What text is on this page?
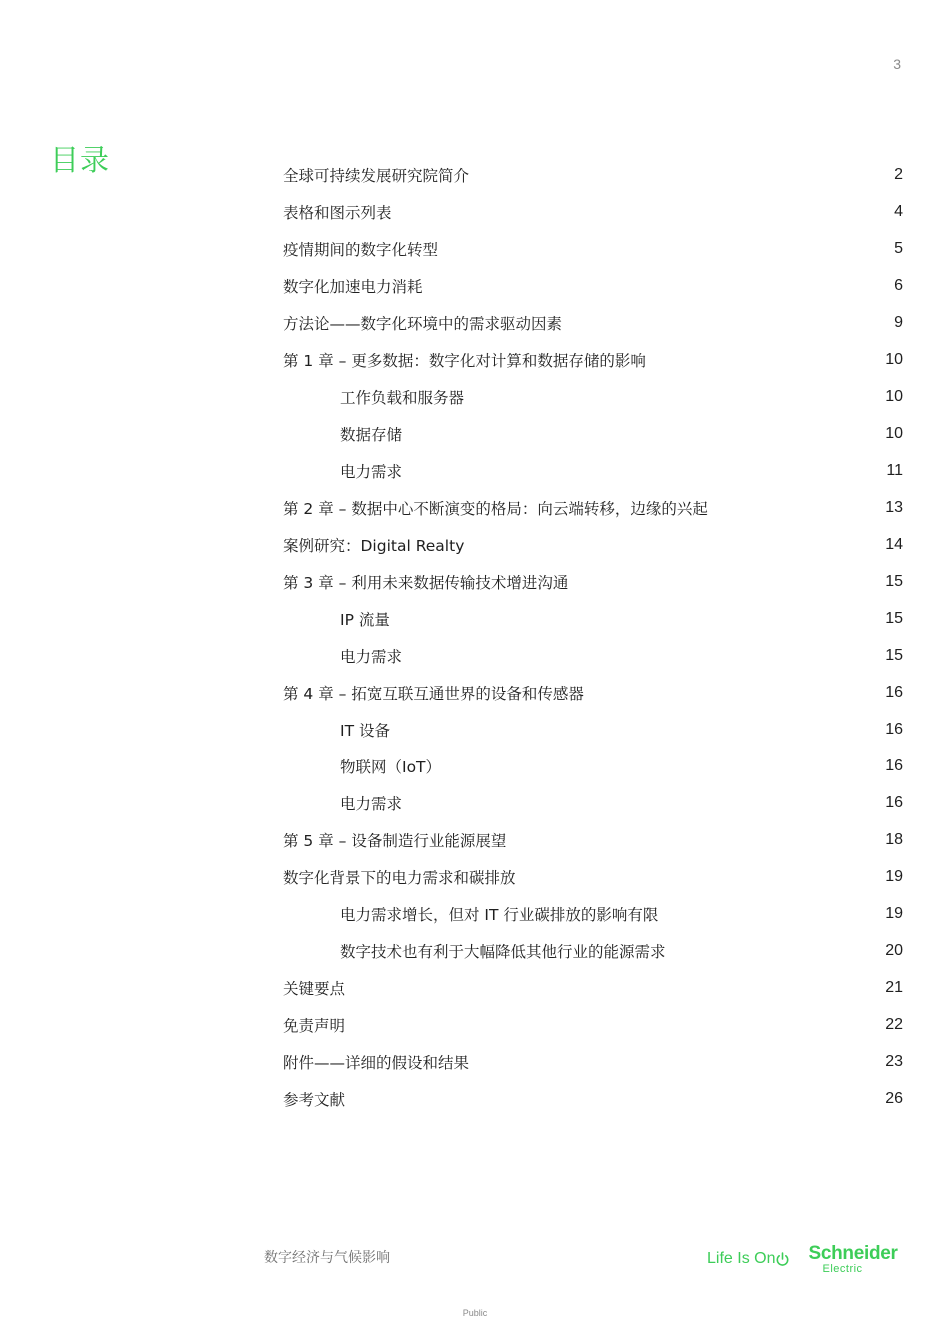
3
目录	全球可持续发展研究院简介	2
表格和图示列表	4
疫情期间的数字化转型	5
数字化加速电力消耗	6
方法论——数字化环境中的需求驱动因素	9
第 1 章 – 更多数据：数字化对计算和数据存储的影响	10
工作负载和服务器	10
数据存储	10
电力需求	11
第 2 章 – 数据中心不断演变的格局：向云端转移，边缘的兴起	13
案例研究：Digital Realty	14
第 3 章 – 利用未来数据传输技术增进沟通	15
IP 流量	15
电力需求	15
第 4 章 – 拓宽互联互通世界的设备和传感器	16
IT 设备	16
物联网（IoT）	16
电力需求	16
第 5 章 – 设备制造行业能源展望	18
数字化背景下的电力需求和碳排放	19
电力需求增长，但对 IT 行业碳排放的影响有限	19
数字技术也有利于大幅降低其他行业的能源需求	20
关键要点	21
免责声明	22
附件——详细的假设和结果	23
参考文献	26
数字经济与气候影响	Life Is On Schneider
Electric
Public
